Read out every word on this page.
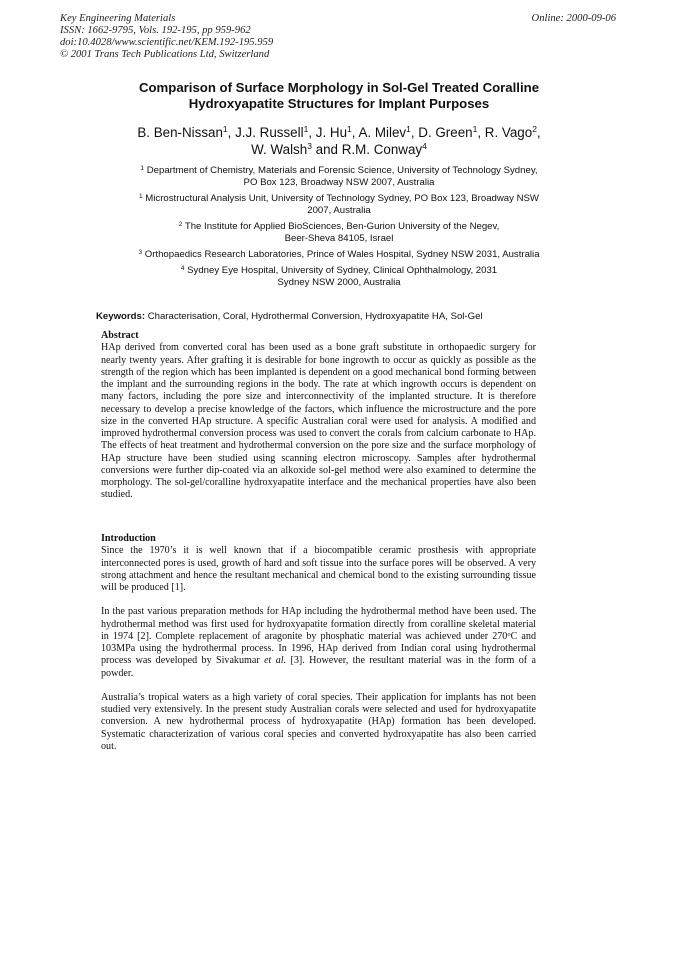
Key Engineering Materials
ISSN: 1662-9795, Vols. 192-195, pp 959-962
doi:10.4028/www.scientific.net/KEM.192-195.959
© 2001 Trans Tech Publications Ltd, Switzerland
Online: 2000-09-06
Comparison of Surface Morphology in Sol-Gel Treated Coralline
Hydroxyapatite Structures for Implant Purposes
B. Ben-Nissan$^1$, J.J. Russell$^1$, J. Hu$^1$, A. Milev$^1$, D. Green$^1$, R. Vago$^2$,
W. Walsh$^3$ and R.M. Conway$^4$
$^1$ Department of Chemistry, Materials and Forensic Science, University of Technology Sydney,
PO Box 123, Broadway NSW 2007, Australia
$^1$ Microstructural Analysis Unit, University of Technology Sydney, PO Box 123, Broadway NSW
2007, Australia
$^2$ The Institute for Applied BioSciences, Ben-Gurion University of the Negev,
Beer-Sheva 84105, Israel
$^3$ Orthopaedics Research Laboratories, Prince of Wales Hospital, Sydney NSW 2031, Australia
$^4$ Sydney Eye Hospital, University of Sydney, Clinical Ophthalmology, 2031
Sydney NSW 2000, Australia
Keywords: Characterisation, Coral, Hydrothermal Conversion, Hydroxyapatite HA, Sol-Gel
Abstract

HAp derived from converted coral has been used as a bone graft substitute in orthopaedic surgery for nearly twenty years. After grafting it is desirable for bone ingrowth to occur as quickly as possible as the strength of the region which has been implanted is dependent on a good mechanical bond forming between the implant and the surrounding regions in the body. The rate at which ingrowth occurs is dependent on many factors, including the pore size and interconnectivity of the implanted structure. It is therefore necessary to develop a precise knowledge of the factors, which influence the microstructure and the pore size in the converted HAp structure. A specific Australian coral were used for analysis. A modified and improved hydrothermal conversion process was used to convert the corals from calcium carbonate to HAp. The effects of heat treatment and hydrothermal conversion on the pore size and the surface morphology of HAp structure have been studied using scanning electron microscopy. Samples after hydrothermal conversions were further dip-coated via an alkoxide sol-gel method were also examined to determine the morphology. The sol-gel/coralline hydroxyapatite interface and the mechanical properties have also been studied.

Introduction

Since the 1970’s it is well known that if a biocompatible ceramic prosthesis with appropriate interconnected pores is used, growth of hard and soft tissue into the surface pores will be observed. A very strong attachment and hence the resultant mechanical and chemical bond to the existing surrounding tissue will be produced [1].

In the past various preparation methods for HAp including the hydrothermal method have been used. The hydrothermal method was first used for hydroxyapatite formation directly from coralline skeletal material in 1974 [2]. Complete replacement of aragonite by phosphatic material was achieved under 270$^o$C and 103MPa using the hydrothermal process. In 1996, HAp derived from Indian coral using hydrothermal process was developed by Sivakumar et al. [3]. However, the resultant material was in the form of a powder.

Australia’s tropical waters as a high variety of coral species. Their application for implants has not been studied very extensively. In the present study Australian corals were selected and used for hydroxyapatite conversion. A new hydrothermal process of hydroxyapatite (HAp) formation has been developed. Systematic characterization of various coral species and converted hydroxyapatite has also been carried out.
